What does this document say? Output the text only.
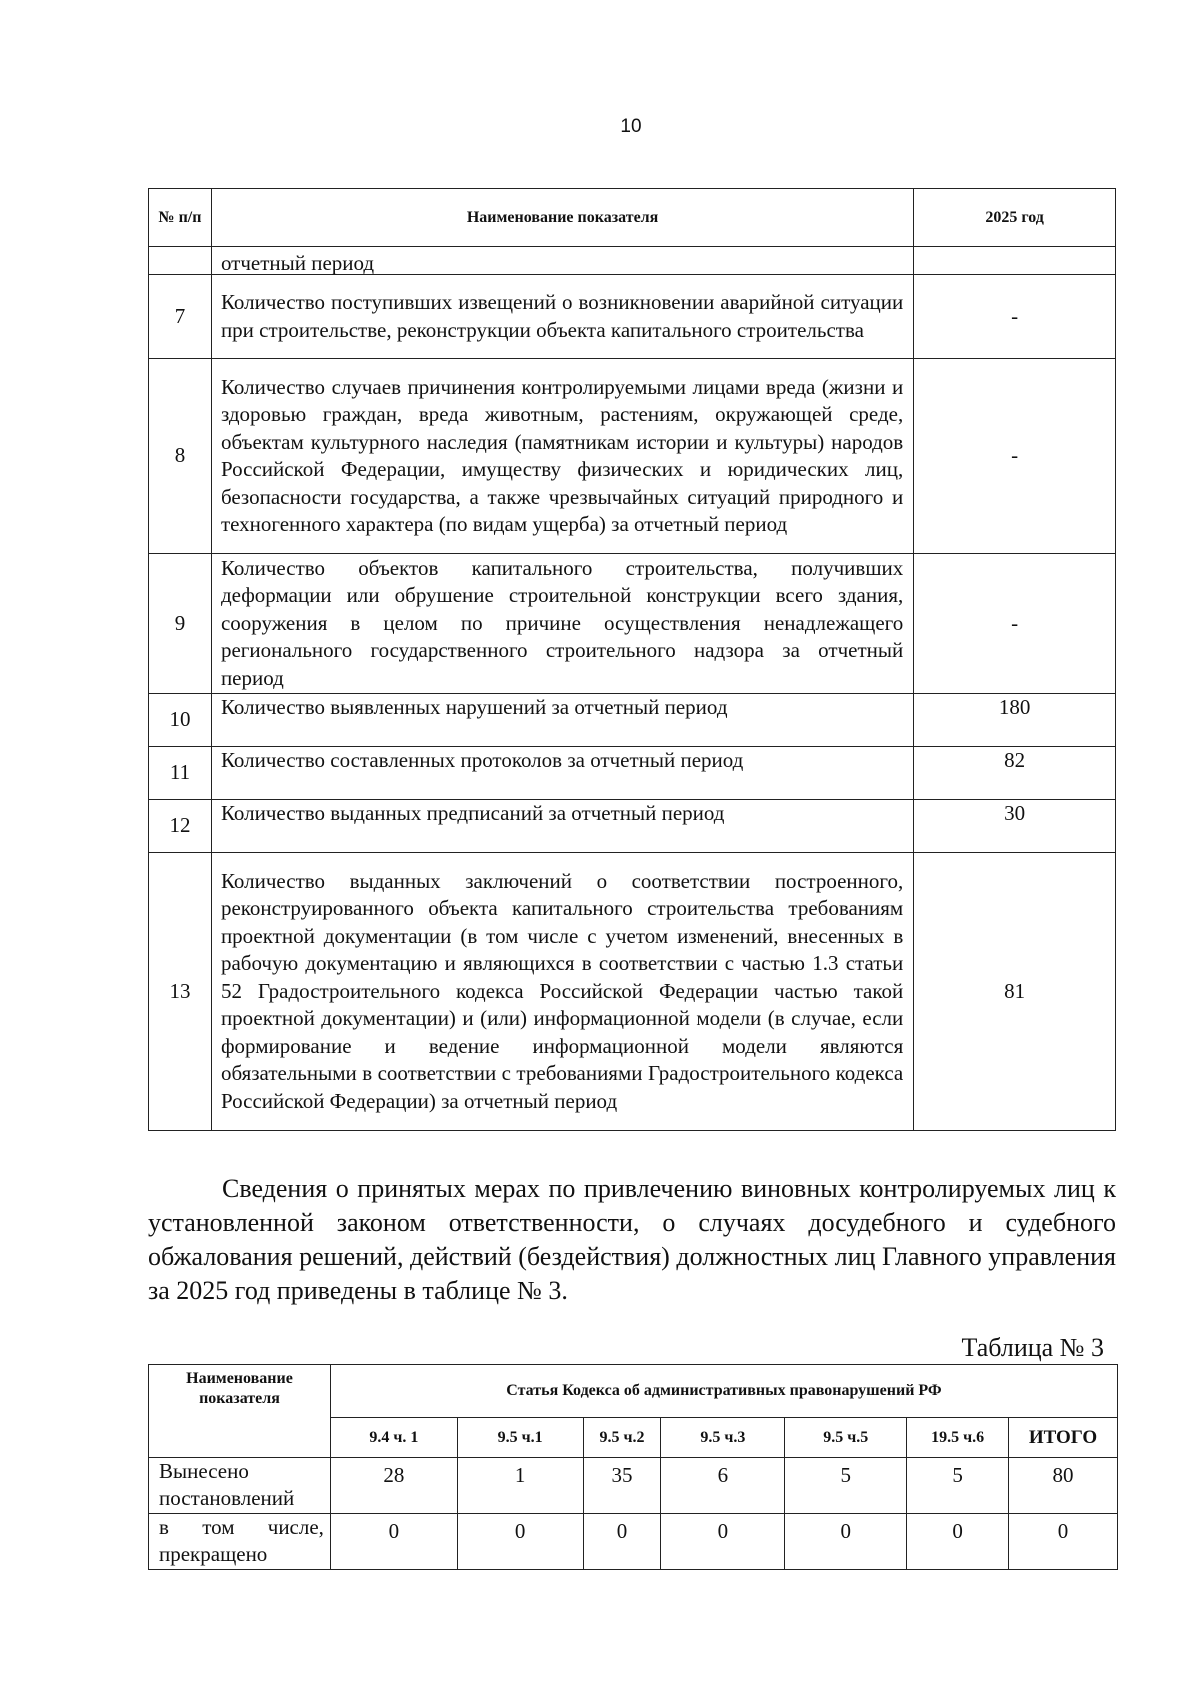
10
№ п/п	Наименование показателя	2025 год
	отчетный период	
7	Количество поступивших извещений о возникновении аварийной ситуации при строительстве, реконструкции объекта капитального строительства	-
8	Количество случаев причинения контролируемыми лицами вреда (жизни и здоровью граждан, вреда животным, растениям, окружающей среде, объектам культурного наследия (памятникам истории и культуры) народов Российской Федерации, имуществу физических и юридических лиц, безопасности государства, а также чрезвычайных ситуаций природного и техногенного характера (по видам ущерба) за отчетный период	-
9	Количество объектов капитального строительства, получивших деформации или обрушение строительной конструкции всего здания, сооружения в целом по причине осуществления ненадлежащего регионального государственного строительного надзора за отчетный период	-
10	Количество выявленных нарушений за отчетный период	180
11	Количество составленных протоколов за отчетный период	82
12	Количество выданных предписаний за отчетный период	30
13	Количество выданных заключений о соответствии построенного, реконструированного объекта капитального строительства требованиям проектной документации (в том числе с учетом изменений, внесенных в рабочую документацию и являющихся в соответствии с частью 1.3 статьи 52 Градостроительного кодекса Российской Федерации частью такой проектной документации) и (или) информационной модели (в случае, если формирование и ведение информационной модели являются обязательными в соответствии с требованиями Градостроительного кодекса Российской Федерации) за отчетный период	81

Сведения о принятых мерах по привлечению виновных контролируемых лиц к установленной законом ответственности, о случаях досудебного и судебного обжалования решений, действий (бездействия) должностных лиц Главного управления за 2025 год приведены в таблице № 3.

Таблица № 3

Наименование показателя	Статья Кодекса об административных правонарушений РФ						
	9.4 ч. 1	9.5 ч.1	9.5 ч.2	9.5 ч.3	9.5 ч.5	19.5 ч.6	ИТОГО
Вынесено постановлений	28	1	35	6	5	5	80
в том числе, прекращено	0	0	0	0	0	0	0
